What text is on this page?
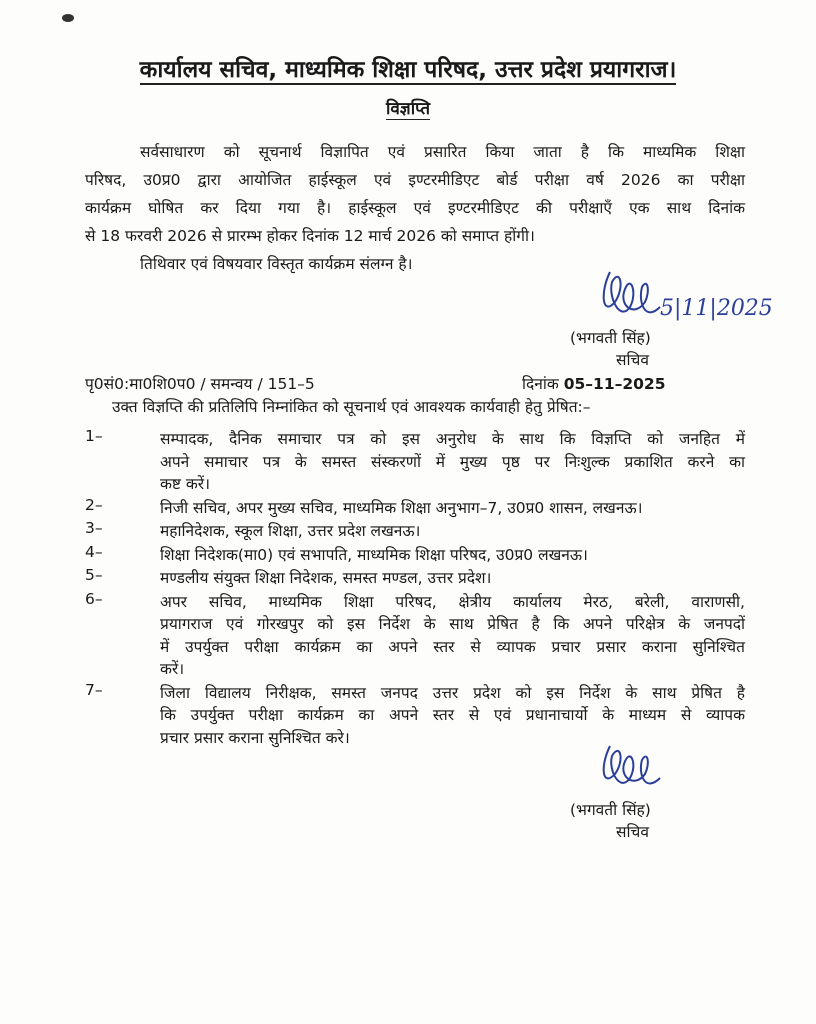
कार्यालय सचिव, माध्यमिक शिक्षा परिषद, उत्तर प्रदेश प्रयागराज।
विज्ञप्ति
सर्वसाधारण को सूचनार्थ विज्ञापित एवं प्रसारित किया जाता है कि माध्यमिक शिक्षा
परिषद, उ0प्र0 द्वारा आयोजित हाईस्कूल एवं इण्टरमीडिएट बोर्ड परीक्षा वर्ष 2026 का परीक्षा
कार्यक्रम घोषित कर दिया गया है। हाईस्कूल एवं इण्टरमीडिएट की परीक्षाऍं एक साथ दिनांक
से 18 फरवरी 2026 से प्रारम्भ होकर दिनांक 12 मार्च 2026 को समाप्त होंगी।
तिथिवार एवं विषयवार विस्तृत कार्यक्रम संलग्न है।
5|11|2025
(भगवती सिंह)
सचिव
पृ0सं0:मा0शि0प0 / समन्वय / 151–5	दिनांक 05–11–2025
उक्त विज्ञप्ति की प्रतिलिपि निम्नांकित को सूचनार्थ एवं आवश्यक कार्यवाही हेतु प्रेषित:–
1–	सम्पादक, दैनिक समाचार पत्र को इस अनुरोध के साथ कि विज्ञप्ति को जनहित में
अपने समाचार पत्र के समस्त संस्करणों में मुख्य पृष्ठ पर निःशुल्क प्रकाशित करने का
कष्ट करें।
2–	निजी सचिव, अपर मुख्य सचिव, माध्यमिक शिक्षा अनुभाग–7, उ0प्र0 शासन, लखनऊ।
3–	महानिदेशक, स्कूल शिक्षा, उत्तर प्रदेश लखनऊ।
4–	शिक्षा निदेशक(मा0) एवं सभापति, माध्यमिक शिक्षा परिषद, उ0प्र0 लखनऊ।
5–	मण्डलीय संयुक्त शिक्षा निदेशक, समस्त मण्डल, उत्तर प्रदेश।
6–	अपर सचिव, माध्यमिक शिक्षा परिषद, क्षेत्रीय कार्यालय मेरठ, बरेली, वाराणसी,
प्रयागराज एवं गोरखपुर को इस निर्देश के साथ प्रेषित है कि अपने परिक्षेत्र के जनपदों
में उपर्युक्त परीक्षा कार्यक्रम का अपने स्तर से व्यापक प्रचार प्रसार कराना सुनिश्चित
करें।
7–	जिला विद्यालय निरीक्षक, समस्त जनपद उत्तर प्रदेश को इस निर्देश के साथ प्रेषित है
कि उपर्युक्त परीक्षा कार्यक्रम का अपने स्तर से एवं प्रधानाचार्यो के माध्यम से व्यापक
प्रचार प्रसार कराना सुनिश्चित करे।
(भगवती सिंह)
सचिव
